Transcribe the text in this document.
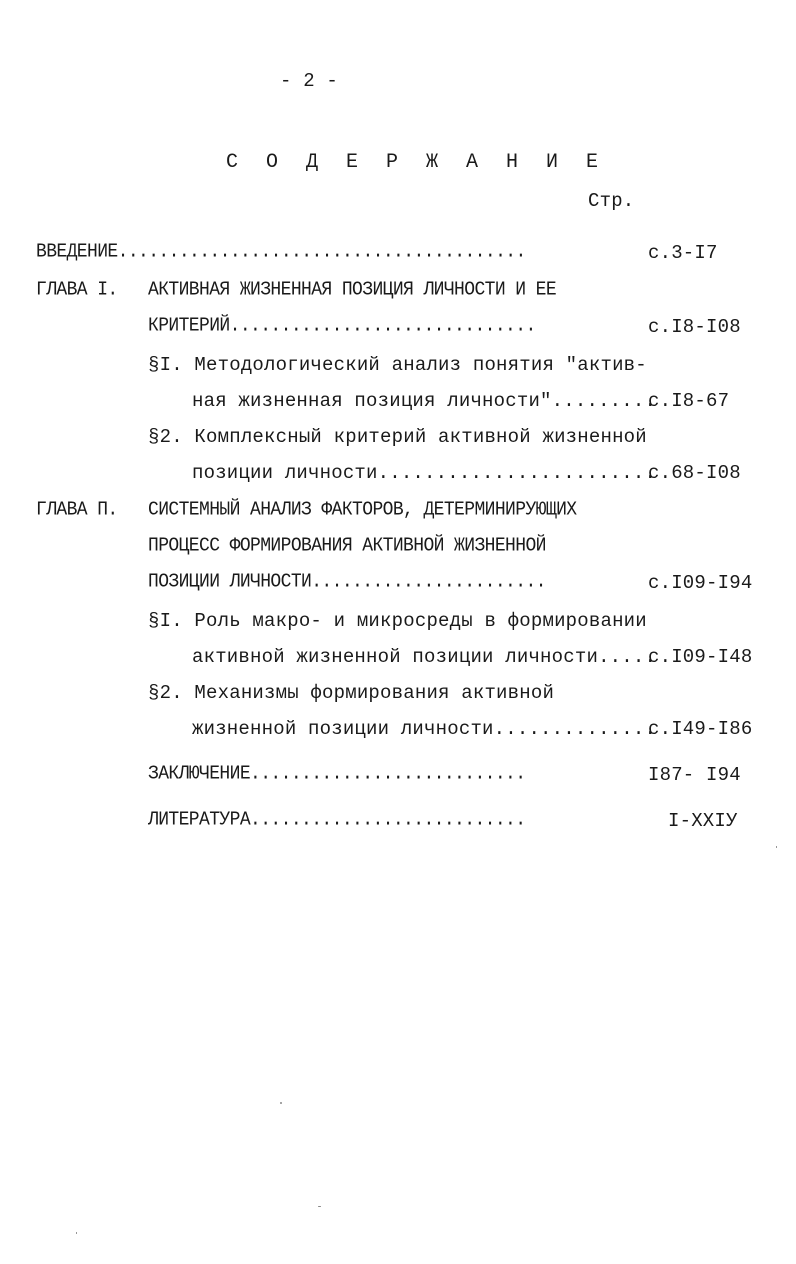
- 2 -
С О Д Е Р Ж А Н И Е
Стр.
ВВЕДЕНИЕ........................................	с.3-I7
ГЛАВА I. АКТИВНАЯ ЖИЗНЕННАЯ ПОЗИЦИЯ ЛИЧНОСТИ И ЕЕ
КРИТЕРИЙ..............................	с.I8-I08
§I. Методологический анализ понятия "актив-
ная жизненная позиция личности".........
с.I8-67
§2. Комплексный критерий активной жизненной
позиции личности........................
с.68-I08
ГЛАВА П. СИСТЕМНЫЙ АНАЛИЗ ФАКТОРОВ, ДЕТЕРМИНИРУЮЩИХ
ПРОЦЕСС ФОРМИРОВАНИЯ АКТИВНОЙ ЖИЗНЕННОЙ
ПОЗИЦИИ ЛИЧНОСТИ.......................	с.I09-I94
§I. Роль макро- и микросреды в формировании
активной жизненной позиции личности.....
с.I09-I48
§2. Механизмы формирования активной
жизненной позиции личности..............
с.I49-I86
ЗАКЛЮЧЕНИЕ...........................	I87- I94
ЛИТЕРАТУРА...........................	I-XXIУ
